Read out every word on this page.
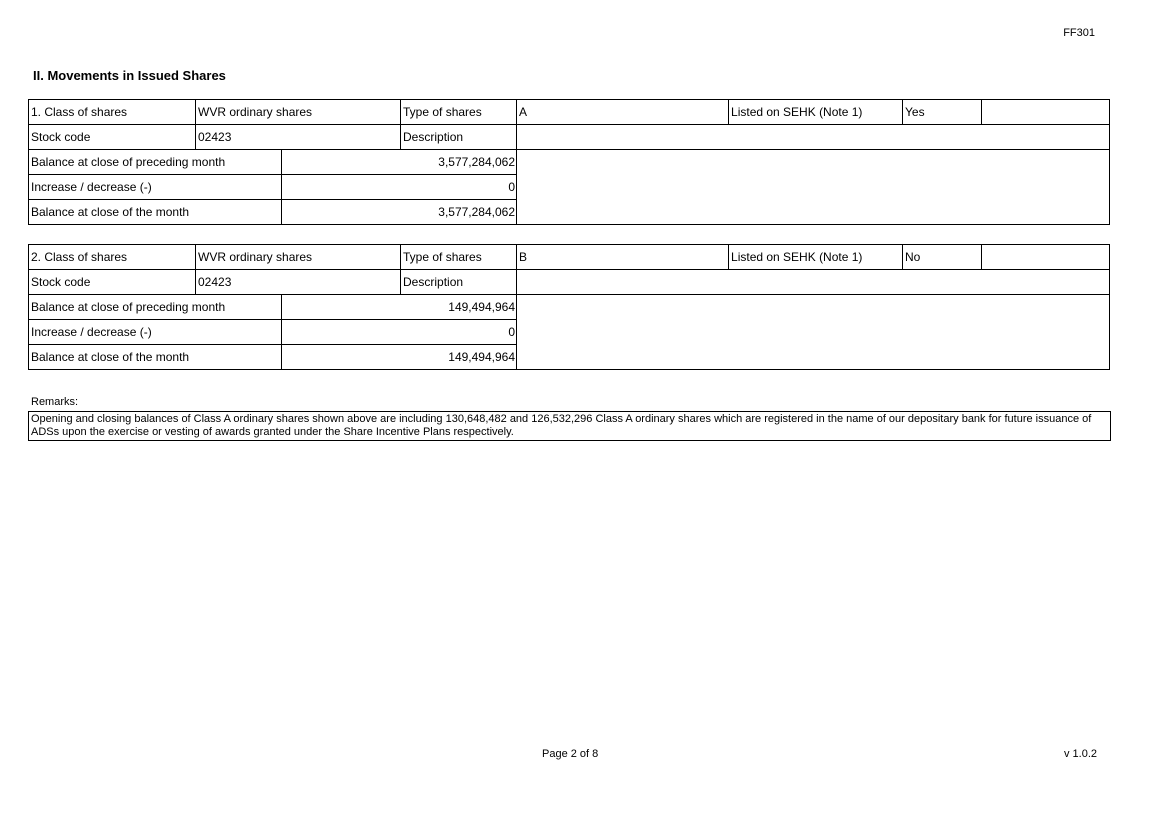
FF301
II. Movements in Issued Shares
1. Class of shares	WVR ordinary shares		Type of shares	A	Listed on SEHK (Note 1)	Yes	
Stock code	02423		Description				
Balance at close of preceding month		3,577,284,062					
Increase / decrease (-)		0					
Balance at close of the month		3,577,284,062					
2. Class of shares	WVR ordinary shares		Type of shares	B	Listed on SEHK (Note 1)	No	
Stock code	02423		Description				
Balance at close of preceding month		149,494,964					
Increase / decrease (-)		0					
Balance at close of the month		149,494,964					
Remarks:
Opening and closing balances of Class A ordinary shares shown above are including 130,648,482 and 126,532,296 Class A ordinary shares which are registered in the name of our depositary bank for future issuance of ADSs upon the exercise or vesting of awards granted under the Share Incentive Plans respectively.
Page 2 of 8	v 1.0.2
